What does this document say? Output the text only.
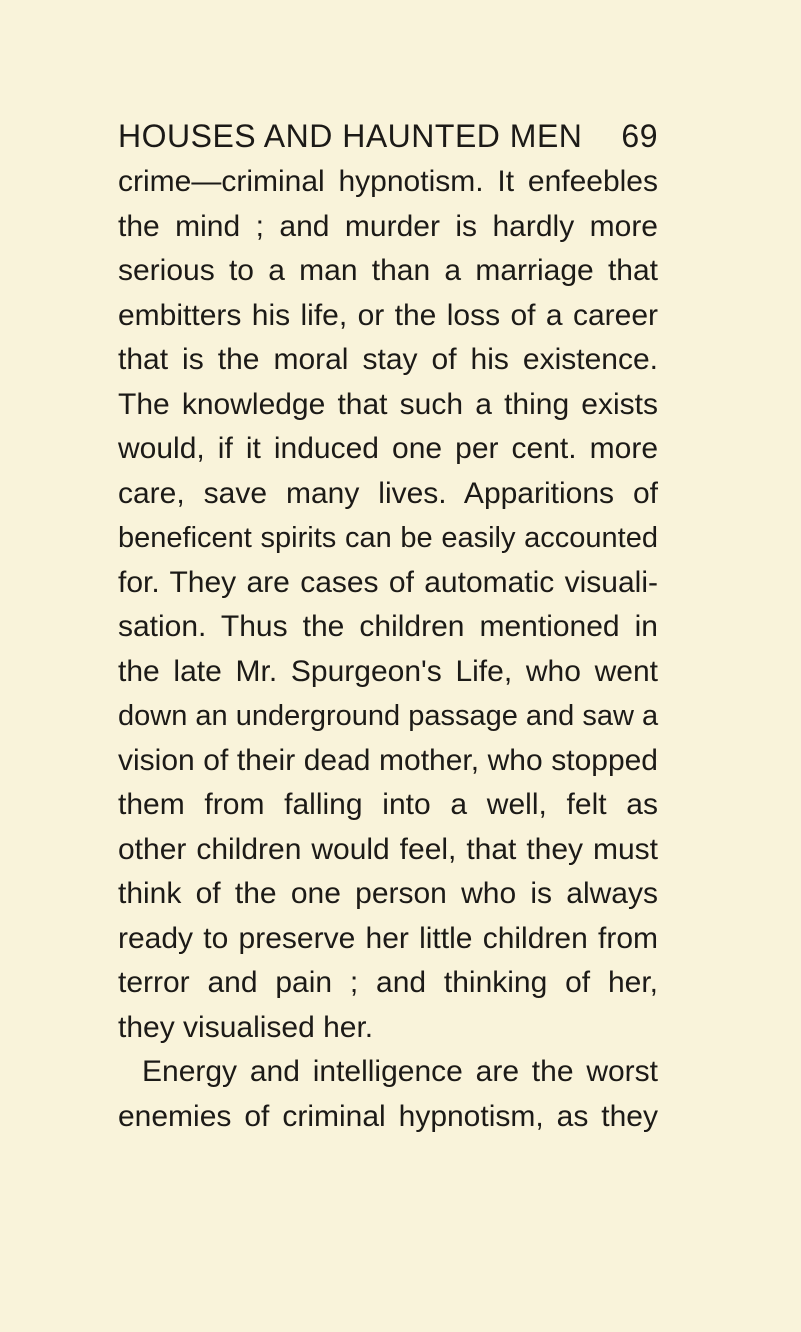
HOUSES AND HAUNTED MEN 69
crime—criminal hypnotism. It enfeebles
the mind ; and murder is hardly more
serious to a man than a marriage that
embitters his life, or the loss of a career
that is the moral stay of his existence.
The knowledge that such a thing exists
would, if it induced one per cent. more
care, save many lives. Apparitions of
beneficent spirits can be easily accounted
for. They are cases of automatic visuali-
sation. Thus the children mentioned in
the late Mr. Spurgeon's Life, who went
down an underground passage and saw a
vision of their dead mother, who stopped
them from falling into a well, felt as
other children would feel, that they must
think of the one person who is always
ready to preserve her little children from
terror and pain ; and thinking of her,
they visualised her.
Energy and intelligence are the worst
enemies of criminal hypnotism, as they
